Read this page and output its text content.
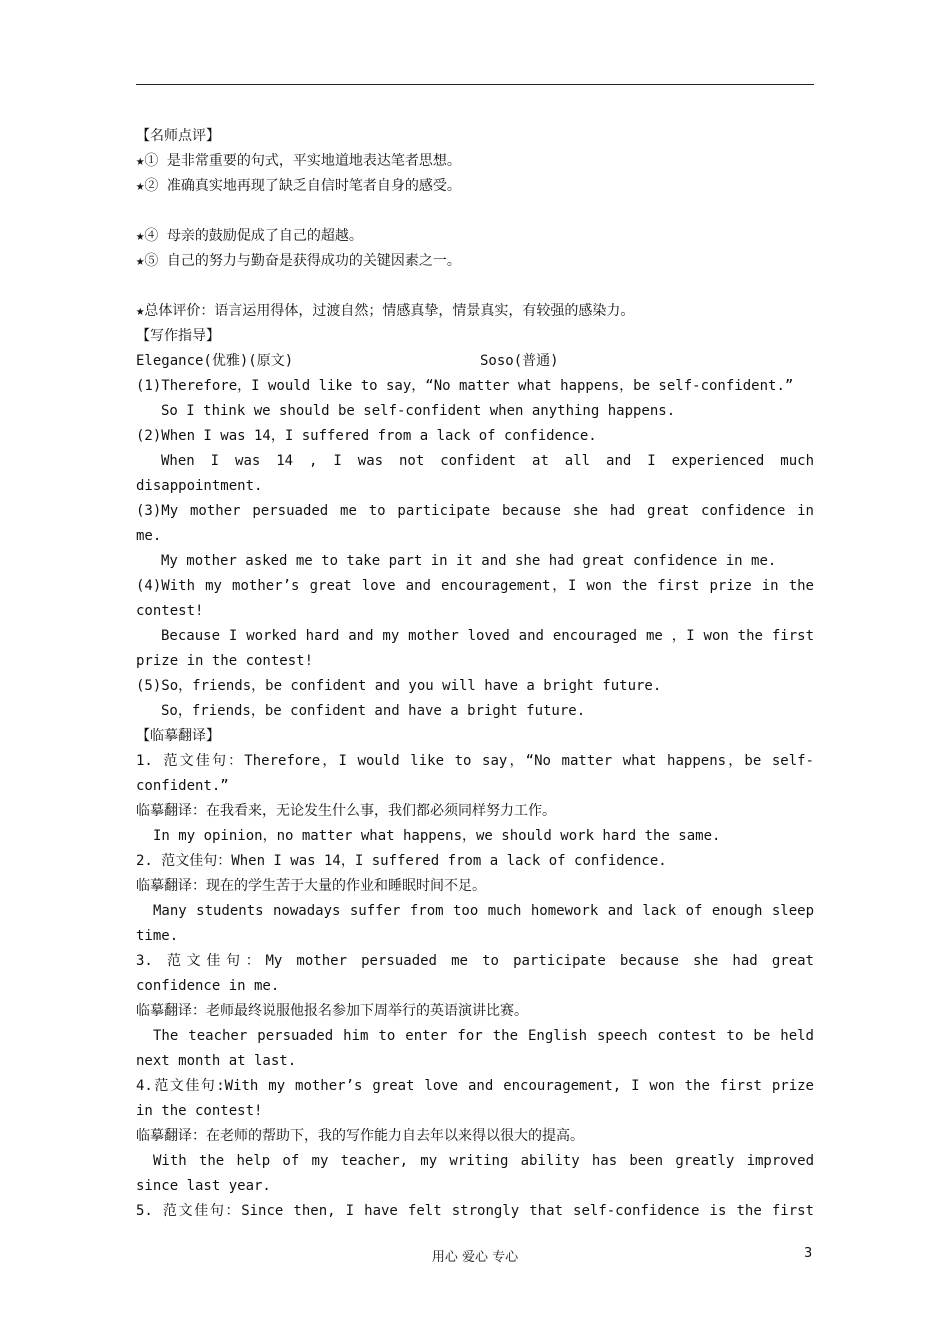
【名师点评】
★① 是非常重要的句式，平实地道地表达笔者思想。
★② 准确真实地再现了缺乏自信时笔者自身的感受。
★④ 母亲的鼓励促成了自己的超越。
★⑤ 自己的努力与勤奋是获得成功的关键因素之一。
★总体评价：语言运用得体，过渡自然；情感真挚，情景真实，有较强的感染力。
【写作指导】
Elegance(优雅)(原文)	Soso(普通)
(1)Therefore，I would like to say，“No matter what happens，be self-confident.”
So I think we should be self-confident when anything happens.
(2)When I was 14，I suffered from a lack of confidence.
When I was 14 , I was not confident at all and I experienced much
disappointment.
(3)My mother persuaded me to participate because she had great confidence in
me.
My mother asked me to take part in it and she had great confidence in me.
(4)With my mother’s great love and encouragement，I won the first prize in the
contest!
Because I worked hard and my mother loved and encouraged me ，I won the first
prize in the contest!
(5)So，friends，be confident and you will have a bright future.
So，friends，be confident and have a bright future.
【临摹翻译】
1. 范文佳句：Therefore，I would like to say，“No matter what happens，be self-
confident.”
临摹翻译：在我看来，无论发生什么事，我们都必须同样努力工作。
In my opinion，no matter what happens，we should work hard the same.
2. 范文佳句：When I was 14，I suffered from a lack of confidence.
临摹翻译：现在的学生苦于大量的作业和睡眠时间不足。
Many students nowadays suffer from too much homework and lack of enough sleep
time.
3. 范文佳句：My mother persuaded me to participate because she had great
confidence in me.
临摹翻译：老师最终说服他报名参加下周举行的英语演讲比赛。
The teacher persuaded him to enter for the English speech contest to be held
next month at last.
4.范文佳句:With my mother’s great love and encouragement, I won the first prize
in the contest!
临摹翻译：在老师的帮助下，我的写作能力自去年以来得以很大的提高。
With the help of my teacher, my writing ability has been greatly improved
since last year.
5. 范文佳句：Since then, I have felt strongly that self-confidence is the first
用心 爱心 专心	3
